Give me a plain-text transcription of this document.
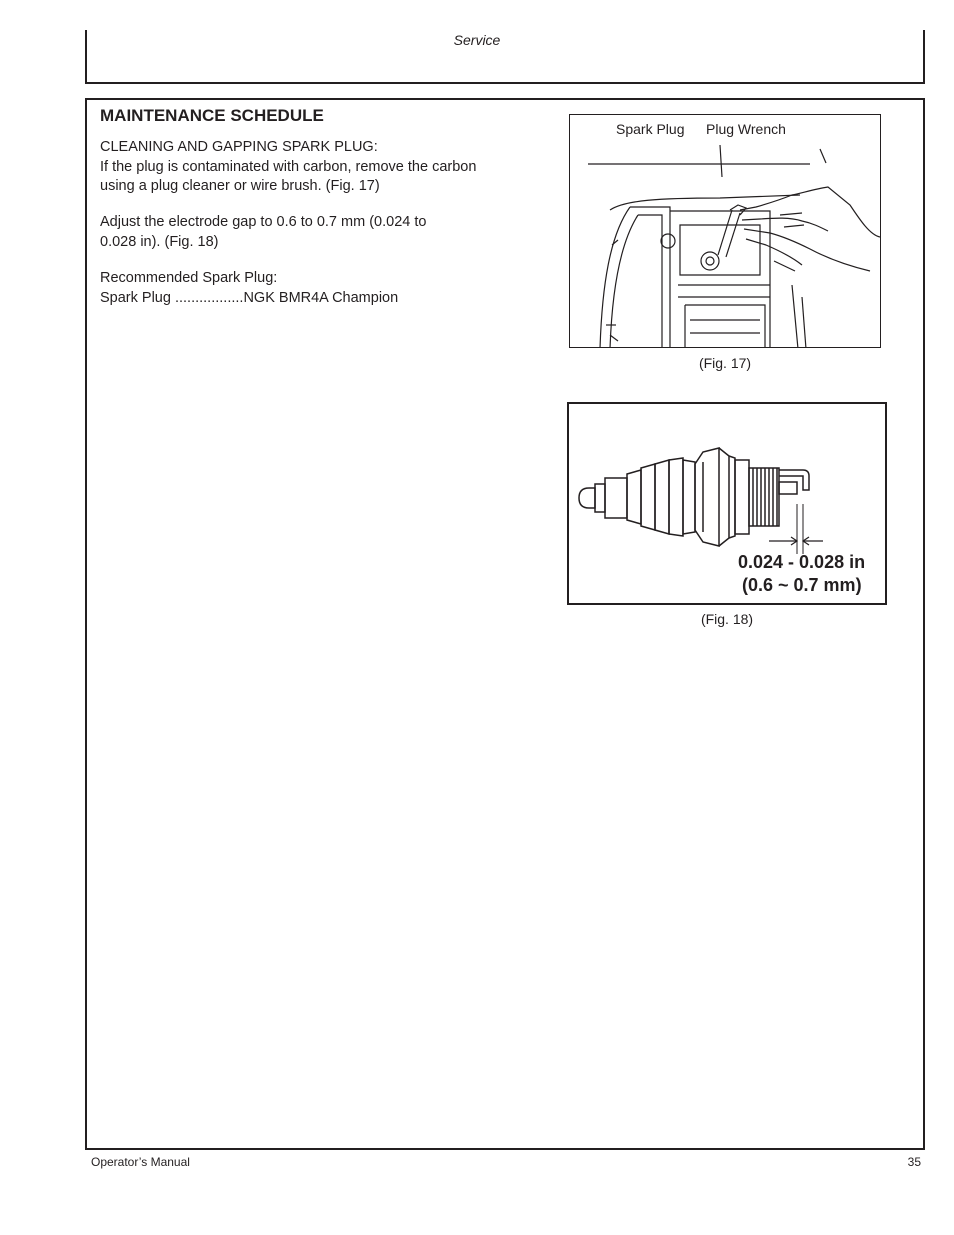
Service
MAINTENANCE SCHEDULE

CLEANING AND GAPPING SPARK PLUG:
If the plug is contaminated with carbon, remove the carbon
using a plug cleaner or wire brush. (Fig. 17)

Adjust the electrode gap to 0.6 to 0.7 mm (0.024 to
0.028 in). (Fig. 18)

Recommended Spark Plug:
Spark Plug .................NGK BMR4A Champion

Spark Plug Plug Wrench
(Fig. 17)
0.024 - 0.028 in
(0.6 ~ 0.7 mm)
(Fig. 18)
Operator’s Manual	35
